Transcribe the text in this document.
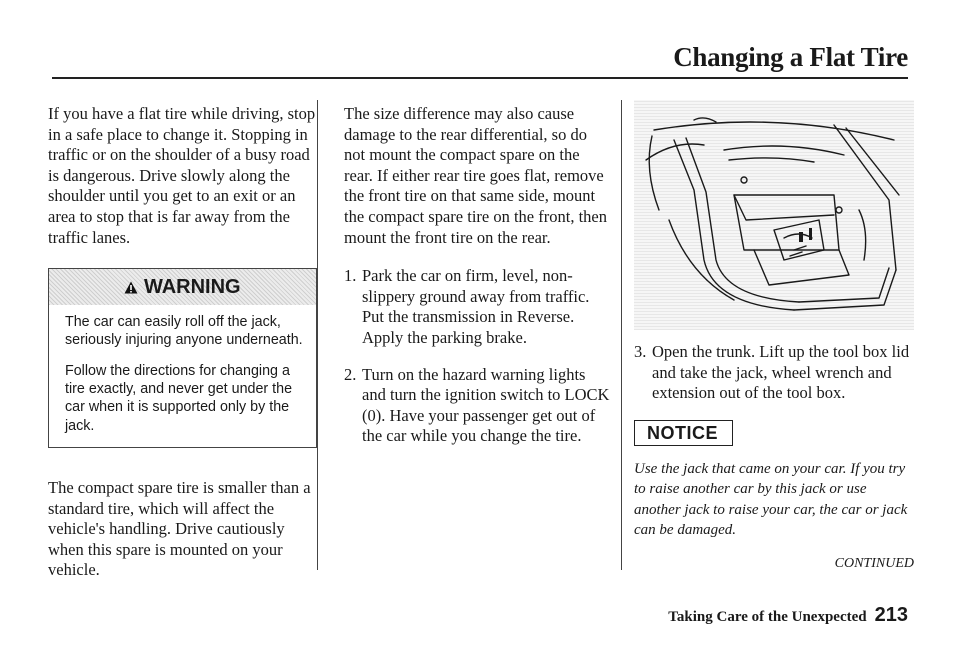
Changing a Flat Tire

If you have a flat tire while driving, stop in a safe place to change it. Stopping in traffic or on the shoulder of a busy road is dangerous. Drive slowly along the shoulder until you get to an exit or an area to stop that is far away from the traffic lanes.

WARNING

The car can easily roll off the jack, seriously injuring anyone underneath.

Follow the directions for changing a tire exactly, and never get under the car when it is supported only by the jack.

The compact spare tire is smaller than a standard tire, which will affect the vehicle's handling. Drive cautiously when this spare is mounted on your vehicle.

The size difference may also cause damage to the rear differential, so do not mount the compact spare on the rear. If either rear tire goes flat, remove the front tire on that same side, mount the compact spare tire on the front, then mount the front tire on the rear.

1. Park the car on firm, level, non-slippery ground away from traffic. Put the transmission in Reverse. Apply the parking brake.
2. Turn on the hazard warning lights and turn the ignition switch to LOCK (0). Have your passenger get out of the car while you change the tire.
3. Open the trunk. Lift up the tool box lid and take the jack, wheel wrench and extension out of the tool box.
NOTICE

Use the jack that came on your car. If you try to raise another car by this jack or use another jack to raise your car, the car or jack can be damaged.

CONTINUED
Taking Care of the Unexpected 213
